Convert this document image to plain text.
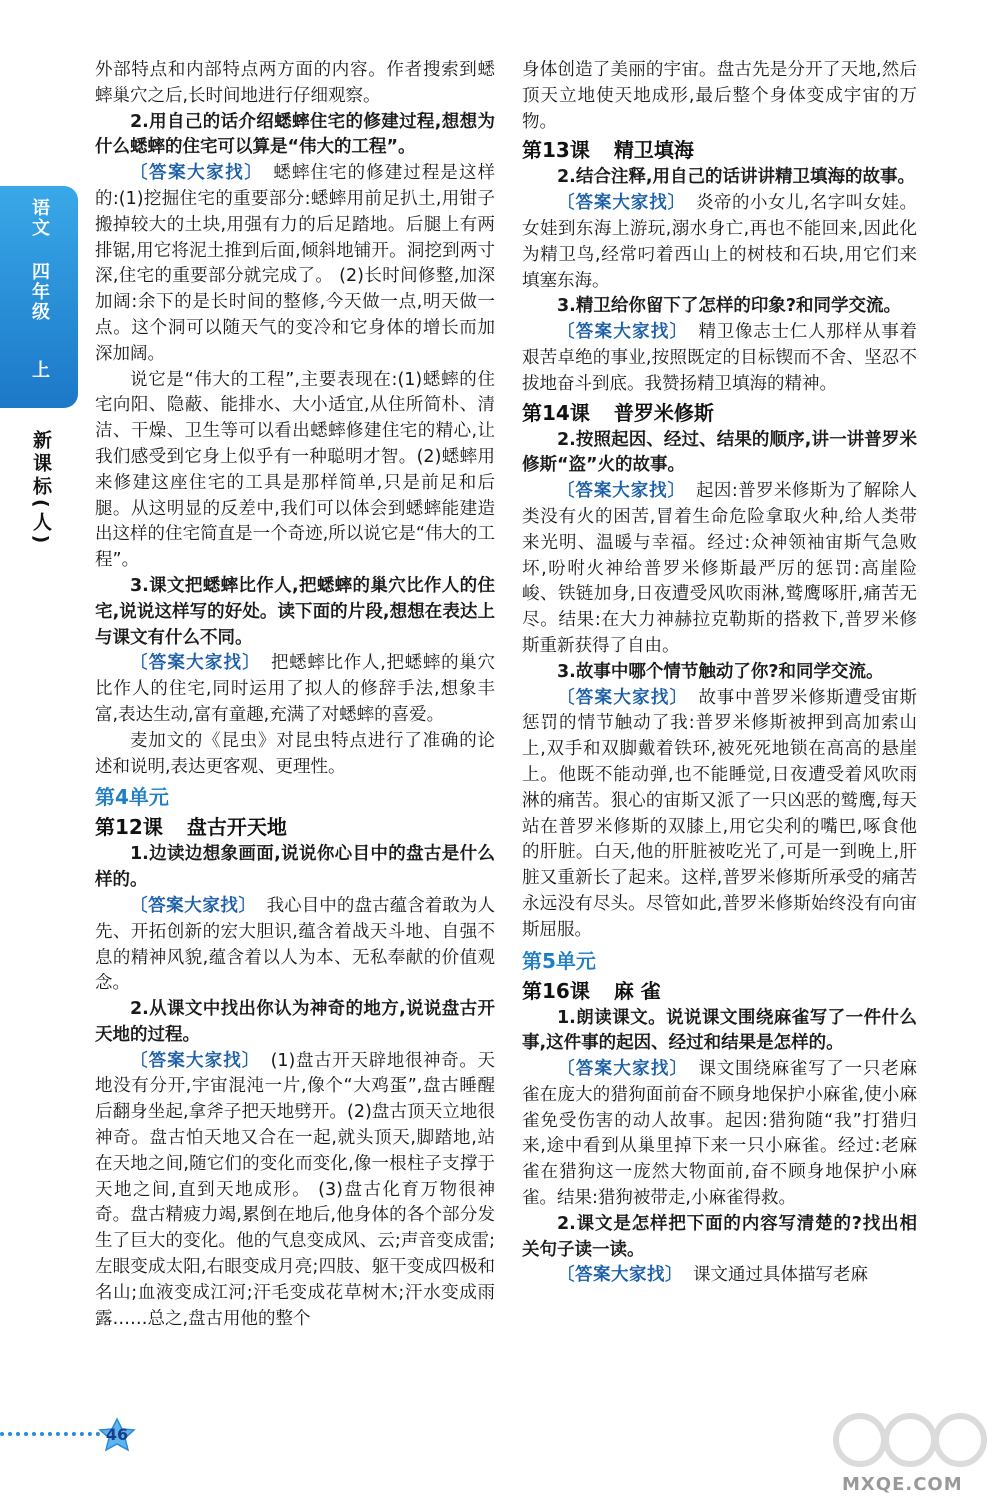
语文
四年级
上
新课标(人)

外部特点和内部特点两方面的内容。作者搜索到蟋蟀巢穴之后,长时间地进行仔细观察。

2.用自己的话介绍蟋蟀住宅的修建过程,想想为什么蟋蟀的住宅可以算是“伟大的工程”。

〔答案大家找〕 蟋蟀住宅的修建过程是这样的:(1)挖掘住宅的重要部分:蟋蟀用前足扒土,用钳子搬掉较大的土块,用强有力的后足踏地。后腿上有两排锯,用它将泥土推到后面,倾斜地铺开。洞挖到两寸深,住宅的重要部分就完成了。 (2)长时间修整,加深加阔:余下的是长时间的整修,今天做一点,明天做一点。这个洞可以随天气的变冷和它身体的增长而加深加阔。

说它是“伟大的工程”,主要表现在:(1)蟋蟀的住宅向阳、隐蔽、能排水、大小适宜,从住所简朴、清洁、干燥、卫生等可以看出蟋蟀修建住宅的精心,让我们感受到它身上似乎有一种聪明才智。(2)蟋蟀用来修建这座住宅的工具是那样简单,只是前足和后腿。从这明显的反差中,我们可以体会到蟋蟀能建造出这样的住宅简直是一个奇迹,所以说它是“伟大的工程”。

3.课文把蟋蟀比作人,把蟋蟀的巢穴比作人的住宅,说说这样写的好处。读下面的片段,想想在表达上与课文有什么不同。

〔答案大家找〕 把蟋蟀比作人,把蟋蟀的巢穴比作人的住宅,同时运用了拟人的修辞手法,想象丰富,表达生动,富有童趣,充满了对蟋蟀的喜爱。

麦加文的《昆虫》对昆虫特点进行了准确的论述和说明,表达更客观、更理性。

第4单元

第12课 盘古开天地

1.边读边想象画面,说说你心目中的盘古是什么样的。

〔答案大家找〕 我心目中的盘古蕴含着敢为人先、开拓创新的宏大胆识,蕴含着战天斗地、自强不息的精神风貌,蕴含着以人为本、无私奉献的价值观念。

2.从课文中找出你认为神奇的地方,说说盘古开天地的过程。

〔答案大家找〕 (1)盘古开天辟地很神奇。天地没有分开,宇宙混沌一片,像个“大鸡蛋”,盘古睡醒后翻身坐起,拿斧子把天地劈开。(2)盘古顶天立地很神奇。盘古怕天地又合在一起,就头顶天,脚踏地,站在天地之间,随它们的变化而变化,像一根柱子支撑于天地之间,直到天地成形。 (3)盘古化育万物很神奇。盘古精疲力竭,累倒在地后,他身体的各个部分发生了巨大的变化。他的气息变成风、云;声音变成雷;左眼变成太阳,右眼变成月亮;四肢、躯干变成四极和名山;血液变成江河;汗毛变成花草树木;汗水变成雨露……总之,盘古用他的整个

身体创造了美丽的宇宙。盘古先是分开了天地,然后顶天立地使天地成形,最后整个身体变成宇宙的万物。

第13课 精卫填海

2.结合注释,用自己的话讲讲精卫填海的故事。

〔答案大家找〕 炎帝的小女儿,名字叫女娃。女娃到东海上游玩,溺水身亡,再也不能回来,因此化为精卫鸟,经常叼着西山上的树枝和石块,用它们来填塞东海。

3.精卫给你留下了怎样的印象?和同学交流。

〔答案大家找〕 精卫像志士仁人那样从事着艰苦卓绝的事业,按照既定的目标锲而不舍、坚忍不拔地奋斗到底。我赞扬精卫填海的精神。

第14课 普罗米修斯

2.按照起因、经过、结果的顺序,讲一讲普罗米修斯“盗”火的故事。

〔答案大家找〕 起因:普罗米修斯为了解除人类没有火的困苦,冒着生命危险拿取火种,给人类带来光明、温暖与幸福。经过:众神领袖宙斯气急败坏,吩咐火神给普罗米修斯最严厉的惩罚:高崖险峻、铁链加身,日夜遭受风吹雨淋,鹫鹰啄肝,痛苦无尽。结果:在大力神赫拉克勒斯的搭救下,普罗米修斯重新获得了自由。

3.故事中哪个情节触动了你?和同学交流。

〔答案大家找〕 故事中普罗米修斯遭受宙斯惩罚的情节触动了我:普罗米修斯被押到高加索山上,双手和双脚戴着铁环,被死死地锁在高高的悬崖上。他既不能动弹,也不能睡觉,日夜遭受着风吹雨淋的痛苦。狠心的宙斯又派了一只凶恶的鹫鹰,每天站在普罗米修斯的双膝上,用它尖利的嘴巴,啄食他的肝脏。白天,他的肝脏被吃光了,可是一到晚上,肝脏又重新长了起来。这样,普罗米修斯所承受的痛苦永远没有尽头。尽管如此,普罗米修斯始终没有向宙斯屈服。

第5单元

第16课 麻 雀

1.朗读课文。说说课文围绕麻雀写了一件什么事,这件事的起因、经过和结果是怎样的。

〔答案大家找〕 课文围绕麻雀写了一只老麻雀在庞大的猎狗面前奋不顾身地保护小麻雀,使小麻雀免受伤害的动人故事。起因:猎狗随“我”打猎归来,途中看到从巢里掉下来一只小麻雀。经过:老麻雀在猎狗这一庞然大物面前,奋不顾身地保护小麻雀。结果:猎狗被带走,小麻雀得救。

2.课文是怎样把下面的内容写清楚的?找出相关句子读一读。

〔答案大家找〕 课文通过具体描写老麻

46
MXQE.COM
